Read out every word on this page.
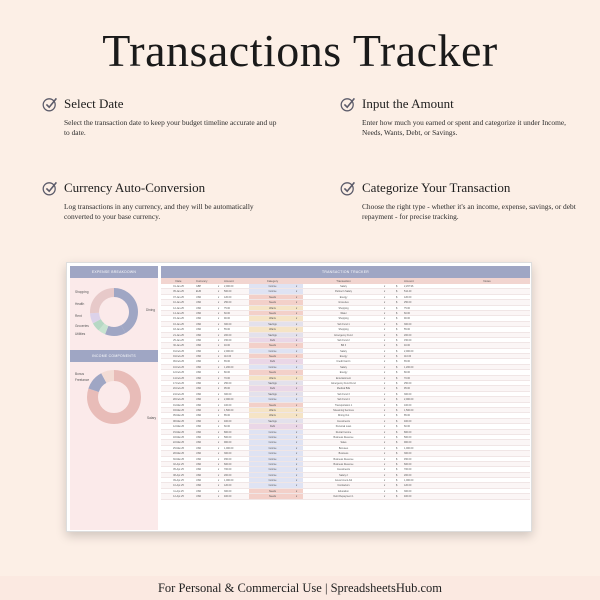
Transactions Tracker
Select Date
Select the transaction date to keep your budget timeline accurate and up to date.
Input the Amount
Enter how much you earned or spent and categorize it under Income, Needs, Wants, Debt, or Savings.
Currency Auto-Conversion
Log transactions in any currency, and they will be automatically converted to your base currency.
Categorize Your Transaction
Choose the right type - whether it's an income, expense, savings, or debt repayment - for precise tracking.
EXPENSE BREAKDOWN
Shopping
Health
Rent
Groceries
Utilities
Dining
INCOME COMPONENTS
Bonus
Freelance
Salary
TRANSACTION TRACKER
Date	Currency	Amount	Category	Transaction	Amount	Notes
01-Jan-25	GBP	▾	2,000.00	Income	▾	Salary	▾	$	2,297.96
05-Jan-25	EUR	▾	500.00	Income	▾	Partner's Salary	▾	$	512.40
07-Jan-25	USD	▾	120.00	Needs	▾	Energy	▾	$	120.00
10-Jan-25	USD	▾	250.00	Needs	▾	Groceries	▾	$	250.00
12-Jan-25	USD	▾	75.00	Wants	▾	Shopping	▾	$	75.00
14-Jan-25	USD	▾	60.00	Needs	▾	Water	▾	$	60.00
15-Jan-25	USD	▾	90.00	Wants	▾	Shopping	▾	$	90.00
16-Jan-25	USD	▾	300.00	Savings	▾	Sub Fund 1	▾	$	300.00
18-Jan-25	USD	▾	55.00	Wants	▾	Shopping	▾	$	55.00
21-Jan-25	USD	▾	200.00	Savings	▾	Emergency Fund	▾	$	200.00
25-Jan-25	USD	▾	150.00	Debt	▾	Sub Fund 2	▾	$	150.00
30-Jan-25	USD	▾	40.00	Needs	▾	Bill 3	▾	$	40.00
01-Feb-25	USD	▾	2,000.00	Income	▾	Salary	▾	$	2,000.00
04-Feb-25	USD	▾	110.00	Needs	▾	Energy	▾	$	110.00
06-Feb-25	USD	▾	65.00	Debt	▾	Credit Card 1	▾	$	65.00
10-Feb-25	USD	▾	1,200.00	Income	▾	Salary	▾	$	1,200.00
12-Feb-25	USD	▾	80.00	Needs	▾	Energy	▾	$	80.00
14-Feb-25	USD	▾	70.00	Wants	▾	Entertainment	▾	$	70.00
17-Feb-25	USD	▾	250.00	Savings	▾	Emergency Fund Fund	▾	$	250.00
20-Feb-25	USD	▾	95.00	Debt	▾	Medical Bills	▾	$	95.00
24-Feb-25	USD	▾	300.00	Savings	▾	Sub Fund 3	▾	$	300.00
28-Feb-25	USD	▾	2,000.00	Income	▾	Sub Fund 4	▾	$	2,000.00
01-Mar-25	USD	▾	100.00	Needs	▾	Transportation 1	▾	$	100.00
03-Mar-25	USD	▾	1,500.00	Wants	▾	Streaming Services	▾	$	1,500.00
05-Mar-25	USD	▾	85.00	Wants	▾	Dining Out	▾	$	85.00
08-Mar-25	USD	▾	400.00	Savings	▾	Investments	▾	$	400.00
12-Mar-25	USD	▾	60.00	Debt	▾	Personal Loan	▾	$	60.00
15-Mar-25	USD	▾	800.00	Income	▾	Rental Income	▾	$	800.00
18-Mar-25	USD	▾	500.00	Income	▾	Business Revenue	▾	$	500.00
22-Mar-25	USD	▾	900.00	Income	▾	Sales	▾	$	900.00
25-Mar-25	USD	▾	1,000.00	Income	▾	Bonuses	▾	$	1,000.00
28-Mar-25	USD	▾	300.00	Income	▾	Business	▾	$	300.00
30-Mar-25	USD	▾	450.00	Income	▾	Business Revenue	▾	$	450.00
02-Apr-25	USD	▾	600.00	Income	▾	Business Revenue	▾	$	600.00
05-Apr-25	USD	▾	700.00	Income	▾	Investments	▾	$	700.00
08-Apr-25	USD	▾	200.00	Income	▾	Salary 2	▾	$	200.00
09-Apr-25	USD	▾	1,000.00	Income	▾	Government Aid	▾	$	1,000.00
10-Apr-25	USD	▾	120.00	Income	▾	Contractors	▾	$	120.00
11-Apr-25	USD	▾	300.00	Needs	▾	Education	▾	$	300.00
12-Apr-25	USD	▾	400.00	Needs	▾	Debt Repayment 1	▾	$	400.00
For Personal & Commercial Use | SpreadsheetsHub.com
